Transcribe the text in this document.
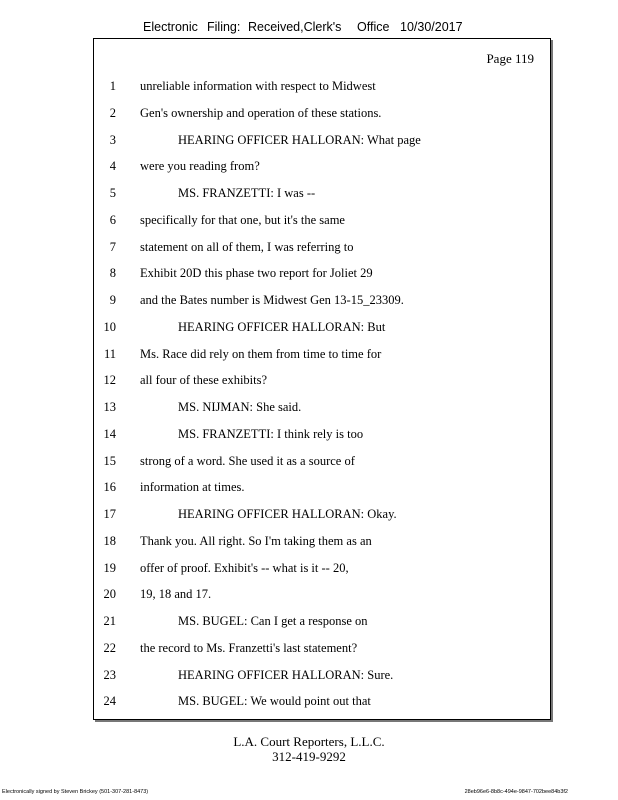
Electronic Filing: Received,Clerk's Office 10/30/2017
Page 119
1 unreliable information with respect to Midwest
2 Gen's ownership and operation of these stations.
3	HEARING OFFICER HALLORAN: What page
4 were you reading from?
5	MS. FRANZETTI: I was --
6 specifically for that one, but it's the same
7 statement on all of them, I was referring to
8 Exhibit 20D this phase two report for Joliet 29
9 and the Bates number is Midwest Gen 13-15_23309.
10	HEARING OFFICER HALLORAN: But
11 Ms. Race did rely on them from time to time for
12 all four of these exhibits?
13	MS. NIJMAN: She said.
14	MS. FRANZETTI: I think rely is too
15 strong of a word. She used it as a source of
16 information at times.
17	HEARING OFFICER HALLORAN: Okay.
18 Thank you. All right. So I'm taking them as an
19 offer of proof. Exhibit's -- what is it -- 20,
20 19, 18 and 17.
21	MS. BUGEL: Can I get a response on
22 the record to Ms. Franzetti's last statement?
23	HEARING OFFICER HALLORAN: Sure.
24	MS. BUGEL: We would point out that
L.A. Court Reporters, L.L.C.
312-419-9292
Electronically signed by Steven Brickey (501-307-281-8473)	28eb96e6-8b8c-494e-9847-702bee84b3f2
